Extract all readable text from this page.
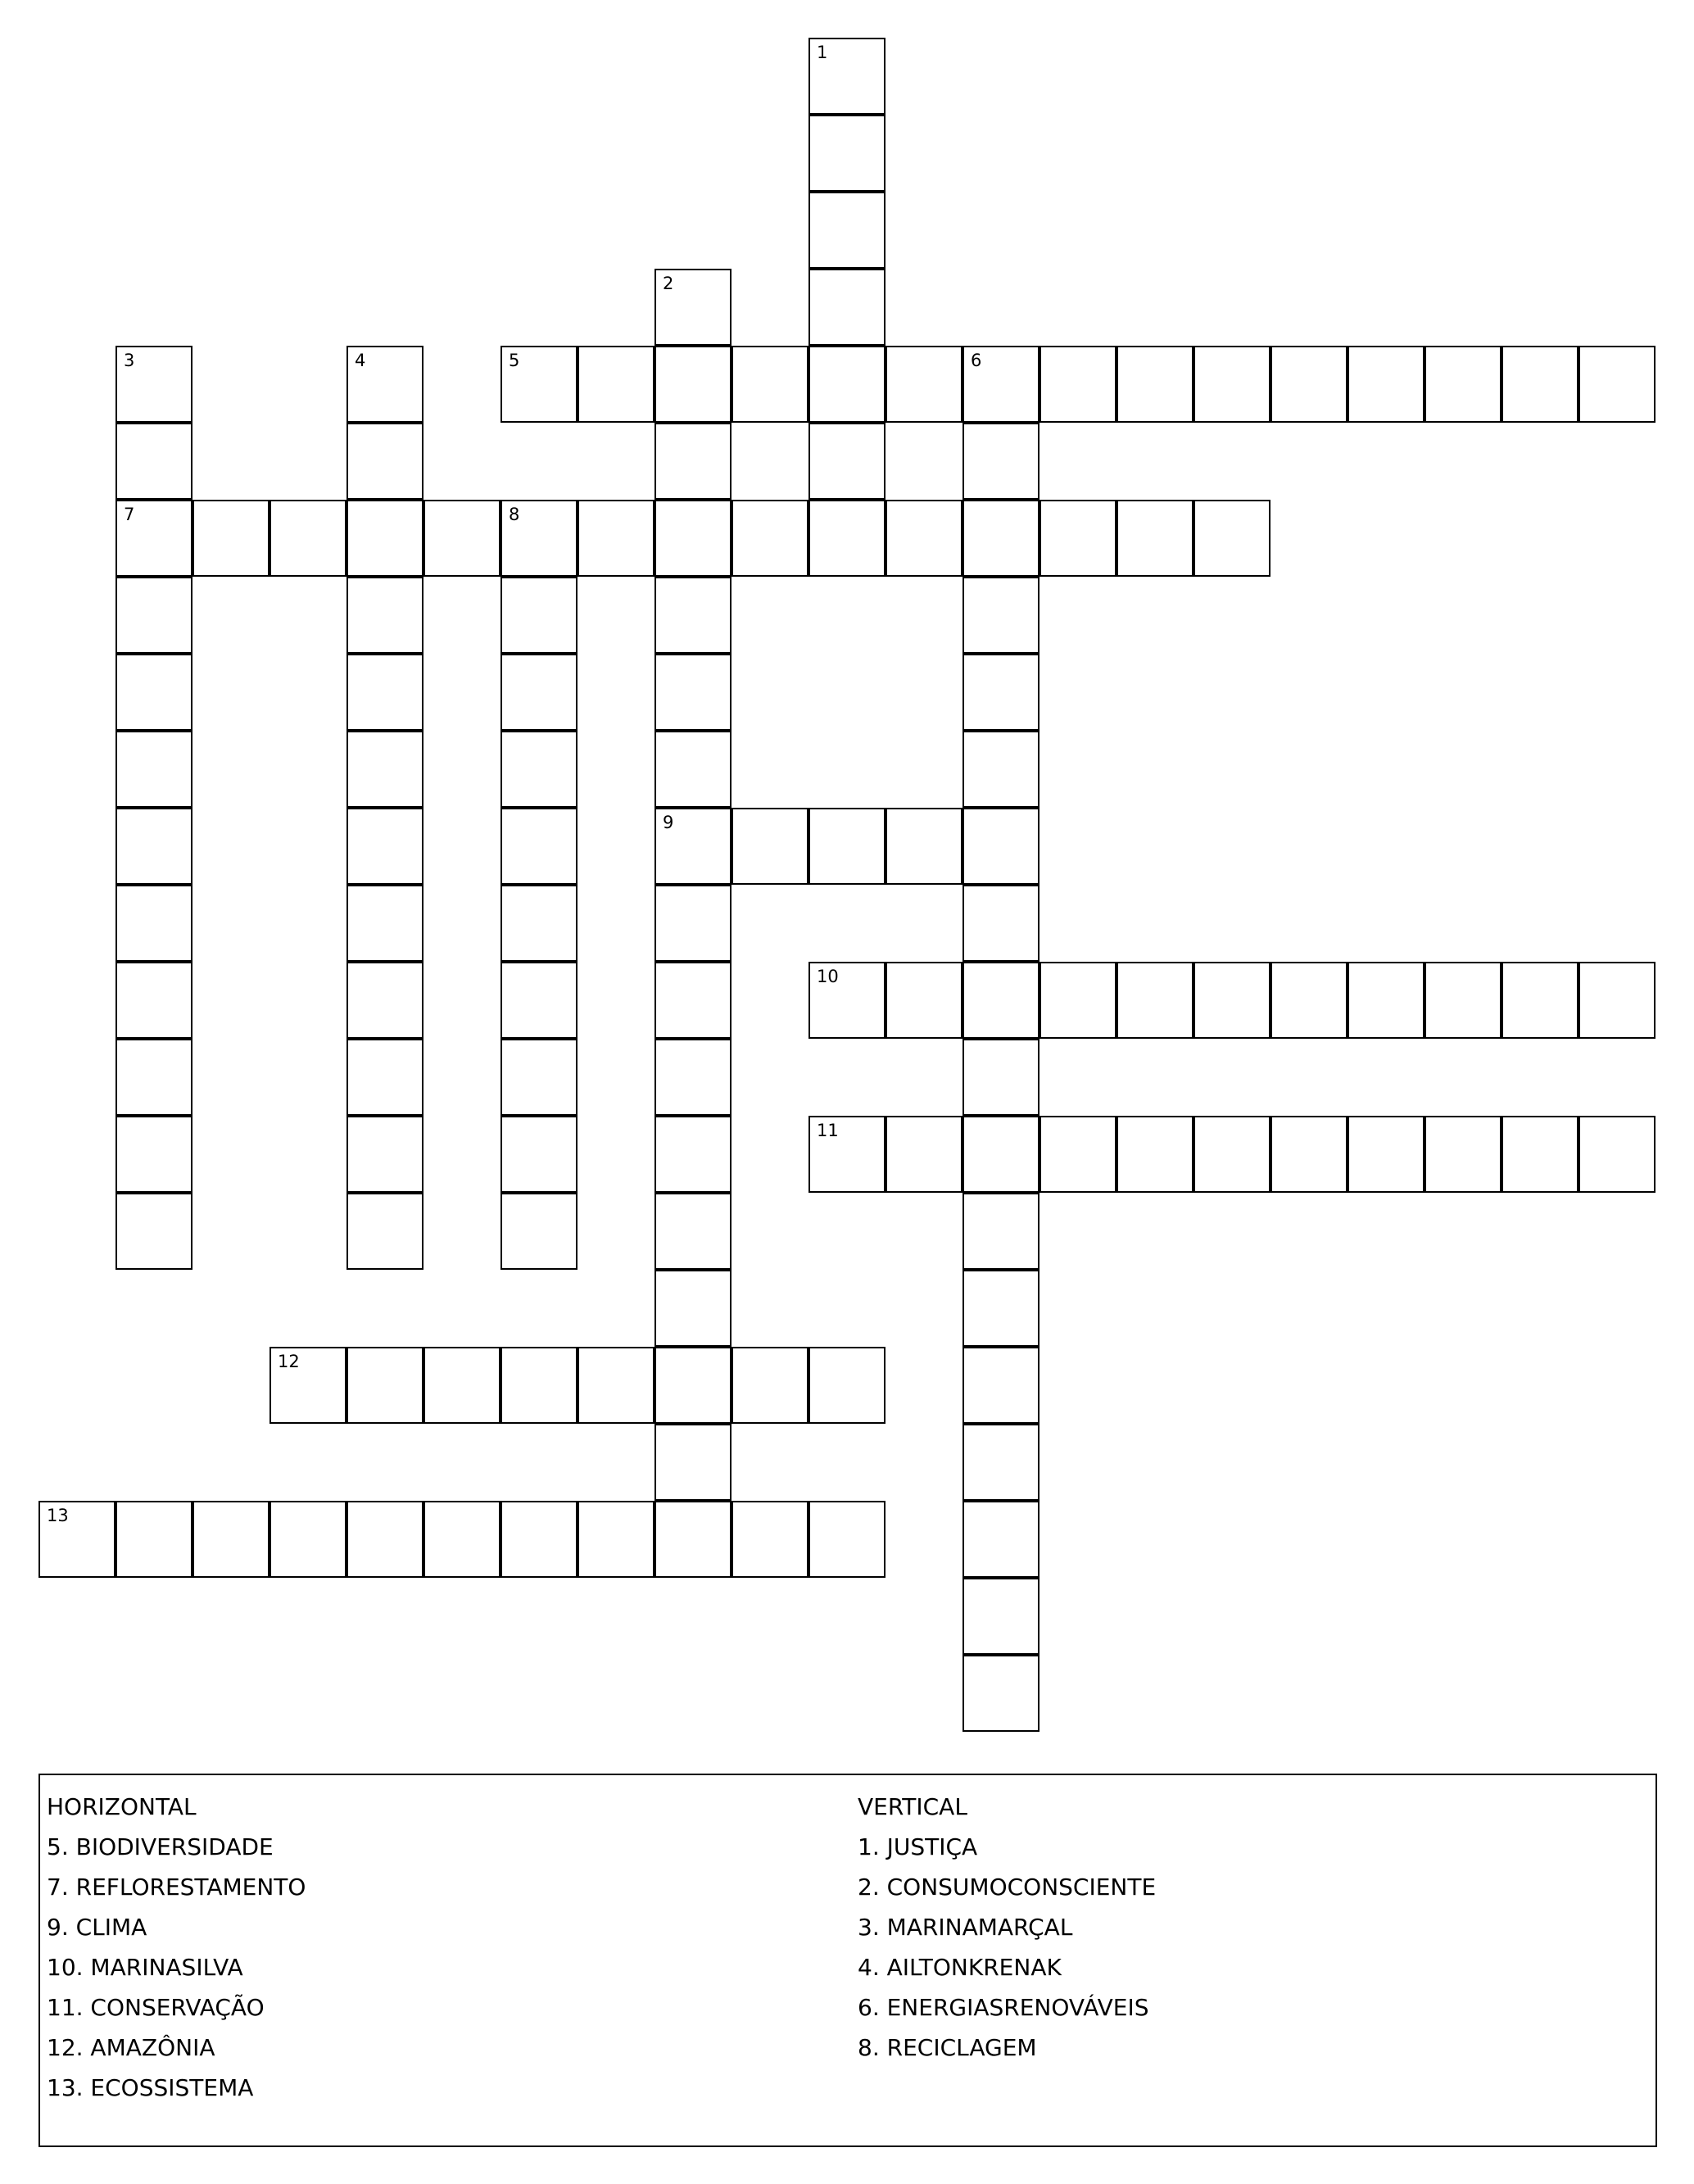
1
2
3	4	5	6
7	8
9
10
11
12
13
HORIZONTAL
5. BIODIVERSIDADE
7. REFLORESTAMENTO
9. CLIMA
10. MARINASILVA
11. CONSERVAÇÃO
12. AMAZÔNIA
13. ECOSSISTEMA
VERTICAL
1. JUSTIÇA
2. CONSUMOCONSCIENTE
3. MARINAMARÇAL
4. AILTONKRENAK
6. ENERGIASRENOVÁVEIS
8. RECICLAGEM
